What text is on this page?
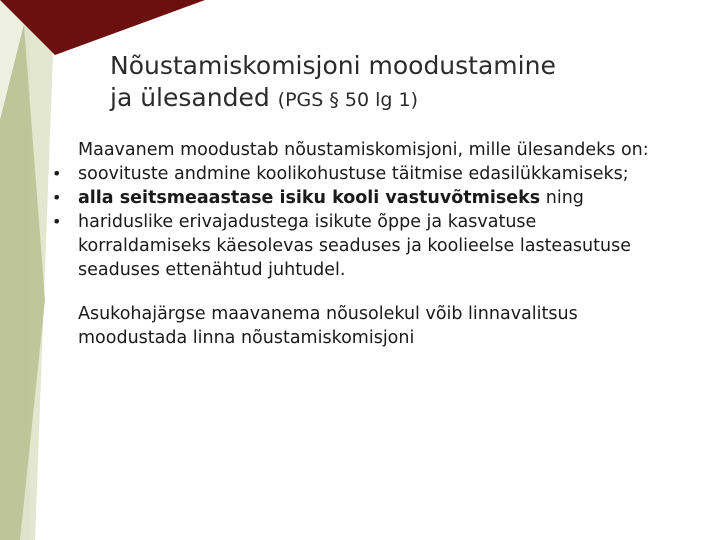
Nõustamiskomisjoni moodustamine
ja ülesanded (PGS § 50 lg 1)
Maavanem moodustab nõustamiskomisjoni, mille ülesandeks on:
• soovituste andmine koolikohustuse täitmise edasilükkamiseks;
• alla seitsmeaastase isiku kooli vastuvõtmiseks ning
• hariduslike erivajadustega isikute õppe ja kasvatuse korraldamiseks käesolevas seaduses ja koolieelse lasteasutuse seaduses ettenähtud juhtudel.
Asukohajärgse maavanema nõusolekul võib linnavalitsus moodustada linna nõustamiskomisjoni
